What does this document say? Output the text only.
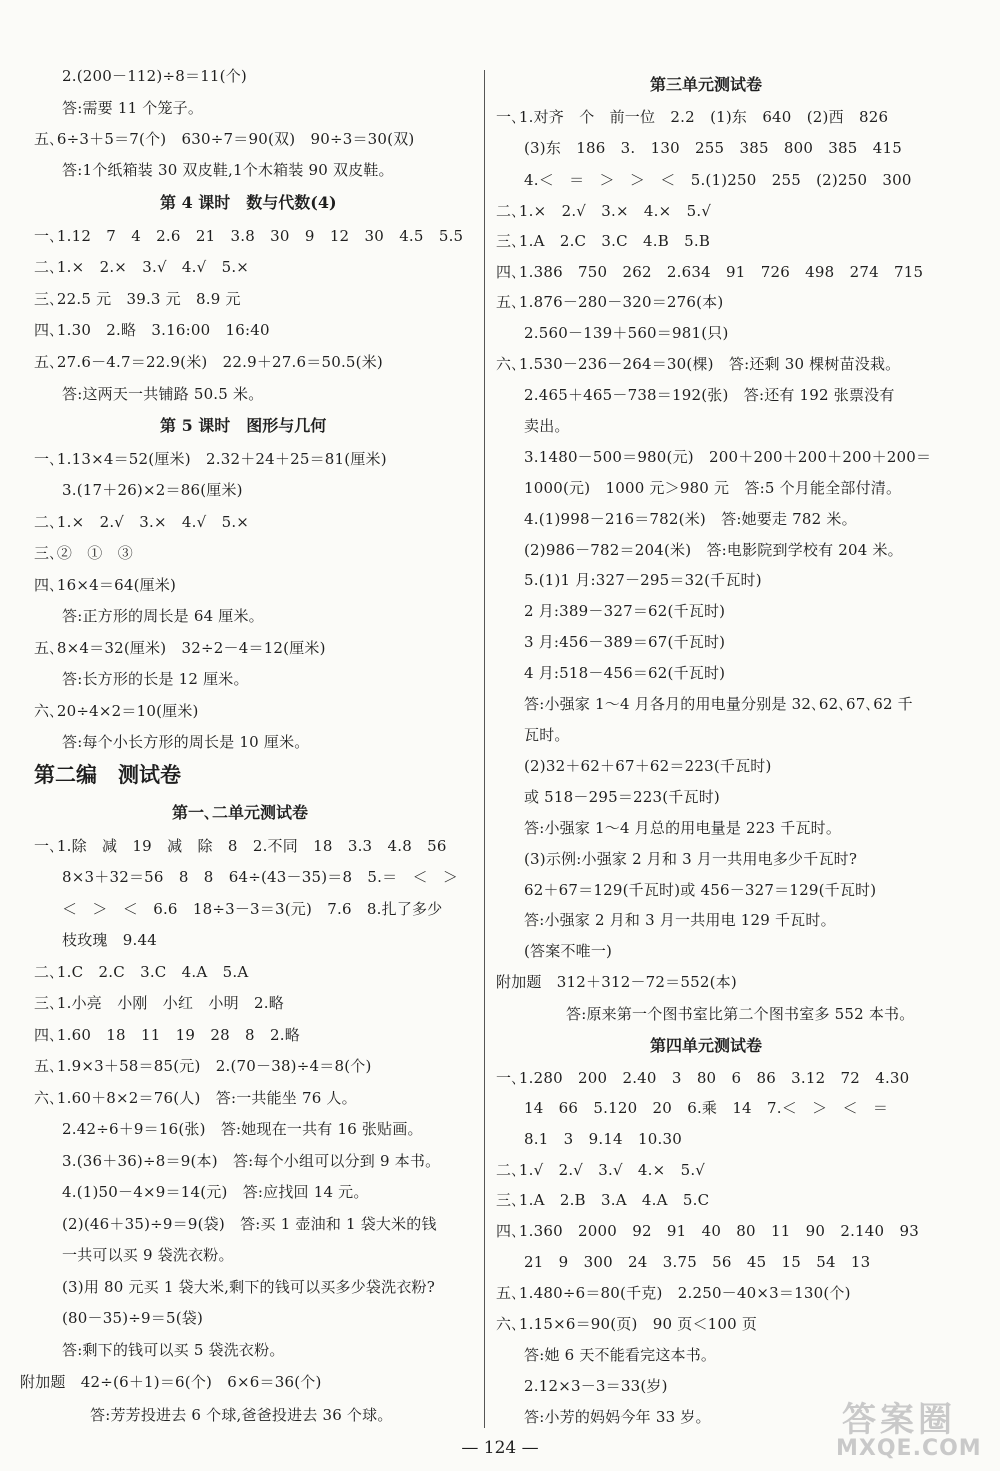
2.(200－112)÷8＝11(个)
答:需要 11 个笼子。
五､6÷3＋5＝7(个)　630÷7＝90(双)　90÷3＝30(双)
答:1个纸箱装 30 双皮鞋,1个木箱装 90 双皮鞋。
第 4 课时　数与代数(4)
一､1.12　7　4　2.6　21　3.8　30　9　12　30　4.5　5.5
二､1.×　2.×　3.√　4.√　5.×
三､22.5 元　39.3 元　8.9 元
四､1.30　2.略　3.16:00　16:40
五､27.6－4.7＝22.9(米)　22.9＋27.6＝50.5(米)
答:这两天一共铺路 50.5 米。
第 5 课时　图形与几何
一､1.13×4＝52(厘米)　2.32＋24＋25＝81(厘米)
3.(17＋26)×2＝86(厘米)
二､1.×　2.√　3.×　4.√　5.×
三､②　①　③
四､16×4＝64(厘米)
答:正方形的周长是 64 厘米。
五､8×4＝32(厘米)　32÷2－4＝12(厘米)
答:长方形的长是 12 厘米。
六､20÷4×2＝10(厘米)
答:每个小长方形的周长是 10 厘米。
第二编　测试卷
第一､二单元测试卷
一､1.除　减　19　减　除　8　2.不同　18　3.3　4.8　56
8×3＋32＝56　8　8　64÷(43－35)＝8　5.＝　＜　＞
＜　＞　＜　6.6　18÷3－3＝3(元)　7.6　8.扎了多少
枝玫瑰　9.44
二､1.C　2.C　3.C　4.A　5.A
三､1.小亮　小刚　小红　小明　2.略
四､1.60　18　11　19　28　8　2.略
五､1.9×3＋58＝85(元)　2.(70－38)÷4＝8(个)
六､1.60＋8×2＝76(人)　答:一共能坐 76 人。
2.42÷6＋9＝16(张)　答:她现在一共有 16 张贴画。
3.(36＋36)÷8＝9(本)　答:每个小组可以分到 9 本书。
4.(1)50－4×9＝14(元)　答:应找回 14 元。
(2)(46＋35)÷9＝9(袋)　答:买 1 壶油和 1 袋大米的钱
一共可以买 9 袋洗衣粉。
(3)用 80 元买 1 袋大米,剩下的钱可以买多少袋洗衣粉?
(80－35)÷9＝5(袋)
答:剩下的钱可以买 5 袋洗衣粉。
附加题　42÷(6＋1)＝6(个)　6×6＝36(个)
答:芳芳投进去 6 个球,爸爸投进去 36 个球。
第三单元测试卷
一､1.对齐　个　前一位　2.2　(1)东　640　(2)西　826
(3)东　186　3.　130　255　385　800　385　415
4.＜　＝　＞　＞　＜　5.(1)250　255　(2)250　300
二､1.×　2.√　3.×　4.×　5.√
三､1.A　2.C　3.C　4.B　5.B
四､1.386　750　262　2.634　91　726　498　274　715
五､1.876－280－320＝276(本)
2.560－139＋560＝981(只)
六､1.530－236－264＝30(棵)　答:还剩 30 棵树苗没栽。
2.465＋465－738＝192(张)　答:还有 192 张票没有
卖出。
3.1480－500＝980(元)　200＋200＋200＋200＋200＝
1000(元)　1000 元＞980 元　答:5 个月能全部付清。
4.(1)998－216＝782(米)　答:她要走 782 米。
(2)986－782＝204(米)　答:电影院到学校有 204 米。
5.(1)1 月:327－295＝32(千瓦时)
2 月:389－327＝62(千瓦时)
3 月:456－389＝67(千瓦时)
4 月:518－456＝62(千瓦时)
答:小强家 1～4 月各月的用电量分别是 32､62､67､62 千
瓦时。
(2)32＋62＋67＋62＝223(千瓦时)
或 518－295＝223(千瓦时)
答:小强家 1～4 月总的用电量是 223 千瓦时。
(3)示例:小强家 2 月和 3 月一共用电多少千瓦时?
62＋67＝129(千瓦时)或 456－327＝129(千瓦时)
答:小强家 2 月和 3 月一共用电 129 千瓦时。
(答案不唯一)
附加题　312＋312－72＝552(本)
答:原来第一个图书室比第二个图书室多 552 本书。
第四单元测试卷
一､1.280　200　2.40　3　80　6　86　3.12　72　4.30
14　66　5.120　20　6.乘　14　7.＜　＞　＜　＝
8.1　3　9.14　10.30
二､1.√　2.√　3.√　4.×　5.√
三､1.A　2.B　3.A　4.A　5.C
四､1.360　2000　92　91　40　80　11　90　2.140　93
21　9　300　24　3.75　56　45　15　54　13
五､1.480÷6＝80(千克)　2.250－40×3＝130(个)
六､1.15×6＝90(页)　90 页＜100 页
答:她 6 天不能看完这本书。
2.12×3－3＝33(岁)
答:小芳的妈妈今年 33 岁。
— 124 —
答案圈
MXQE.COM
